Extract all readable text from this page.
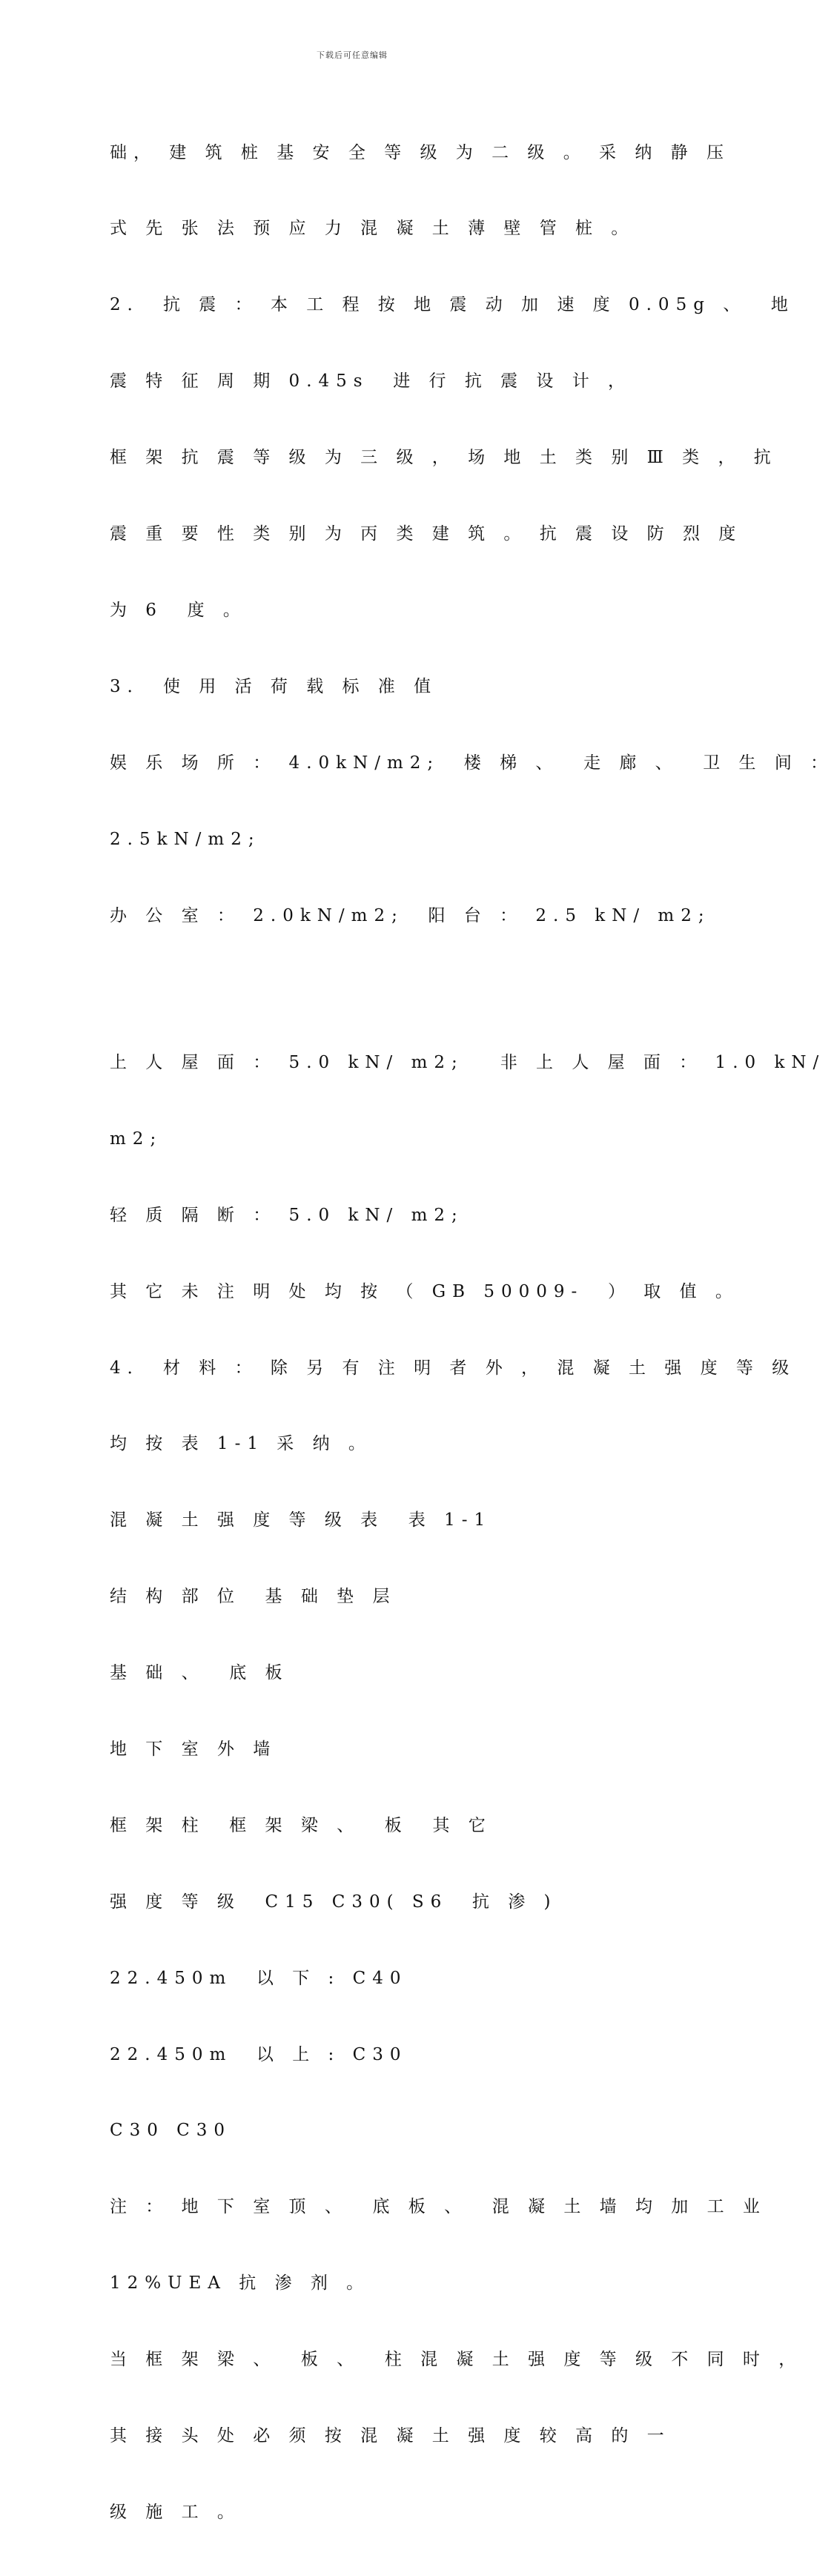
下载后可任意编辑

础， 建 筑 桩 基 安 全 等 级 为 二 级 。 采 纳 静 压

式 先 张 法 预 应 力 混 凝 土 薄 壁 管 桩 。

2． 抗 震 ： 本 工 程 按 地 震 动 加 速 度 0.05g 、  地

震 特 征 周 期 0.45s  进 行 抗 震 设 计 ，

框 架 抗 震 等 级 为 三 级 ， 场 地 土 类 别 Ⅲ 类 ， 抗

震 重 要 性 类 别 为 丙 类 建 筑 。 抗 震 设 防 烈 度

为 6  度 。

3． 使 用 活 荷 载 标 准 值

娱 乐 场 所 ： 4.0kN/m2;  楼 梯 、  走 廊 、  卫 生 间 ：

2.5kN/m2;

办 公 室 ： 2.0kN/m2;  阳 台 ： 2.5 kN/ m2;

上 人 屋 面 ： 5.0 kN/ m2;   非 上 人 屋 面 ： 1.0 kN/

m2;

轻 质 隔 断 ： 5.0 kN/ m2;

其 它 未 注 明 处 均 按 （ GB 50009-  ） 取 值 。

4． 材 料 ： 除 另 有 注 明 者 外 ， 混 凝 土 强 度 等 级

均 按 表 1-1 采 纳 。

混 凝 土 强 度 等 级 表  表 1-1

结 构 部 位  基 础 垫 层

基 础 、  底 板

地 下 室 外 墙

框 架 柱  框 架 梁 、  板  其 它

强 度 等 级  C15 C30( S6  抗 渗 )

22.450m  以 下 : C40

22.450m  以 上 : C30

C30 C30

注 ： 地 下 室 顶 、  底 板 、  混 凝 土 墙 均 加 工 业

12%UEA 抗 渗 剂 。

当 框 架 梁 、  板 、  柱 混 凝 土 强 度 等 级 不 同 时 ，

其 接 头 处 必 须 按 混 凝 土 强 度 较 高 的 一

级 施 工 。
